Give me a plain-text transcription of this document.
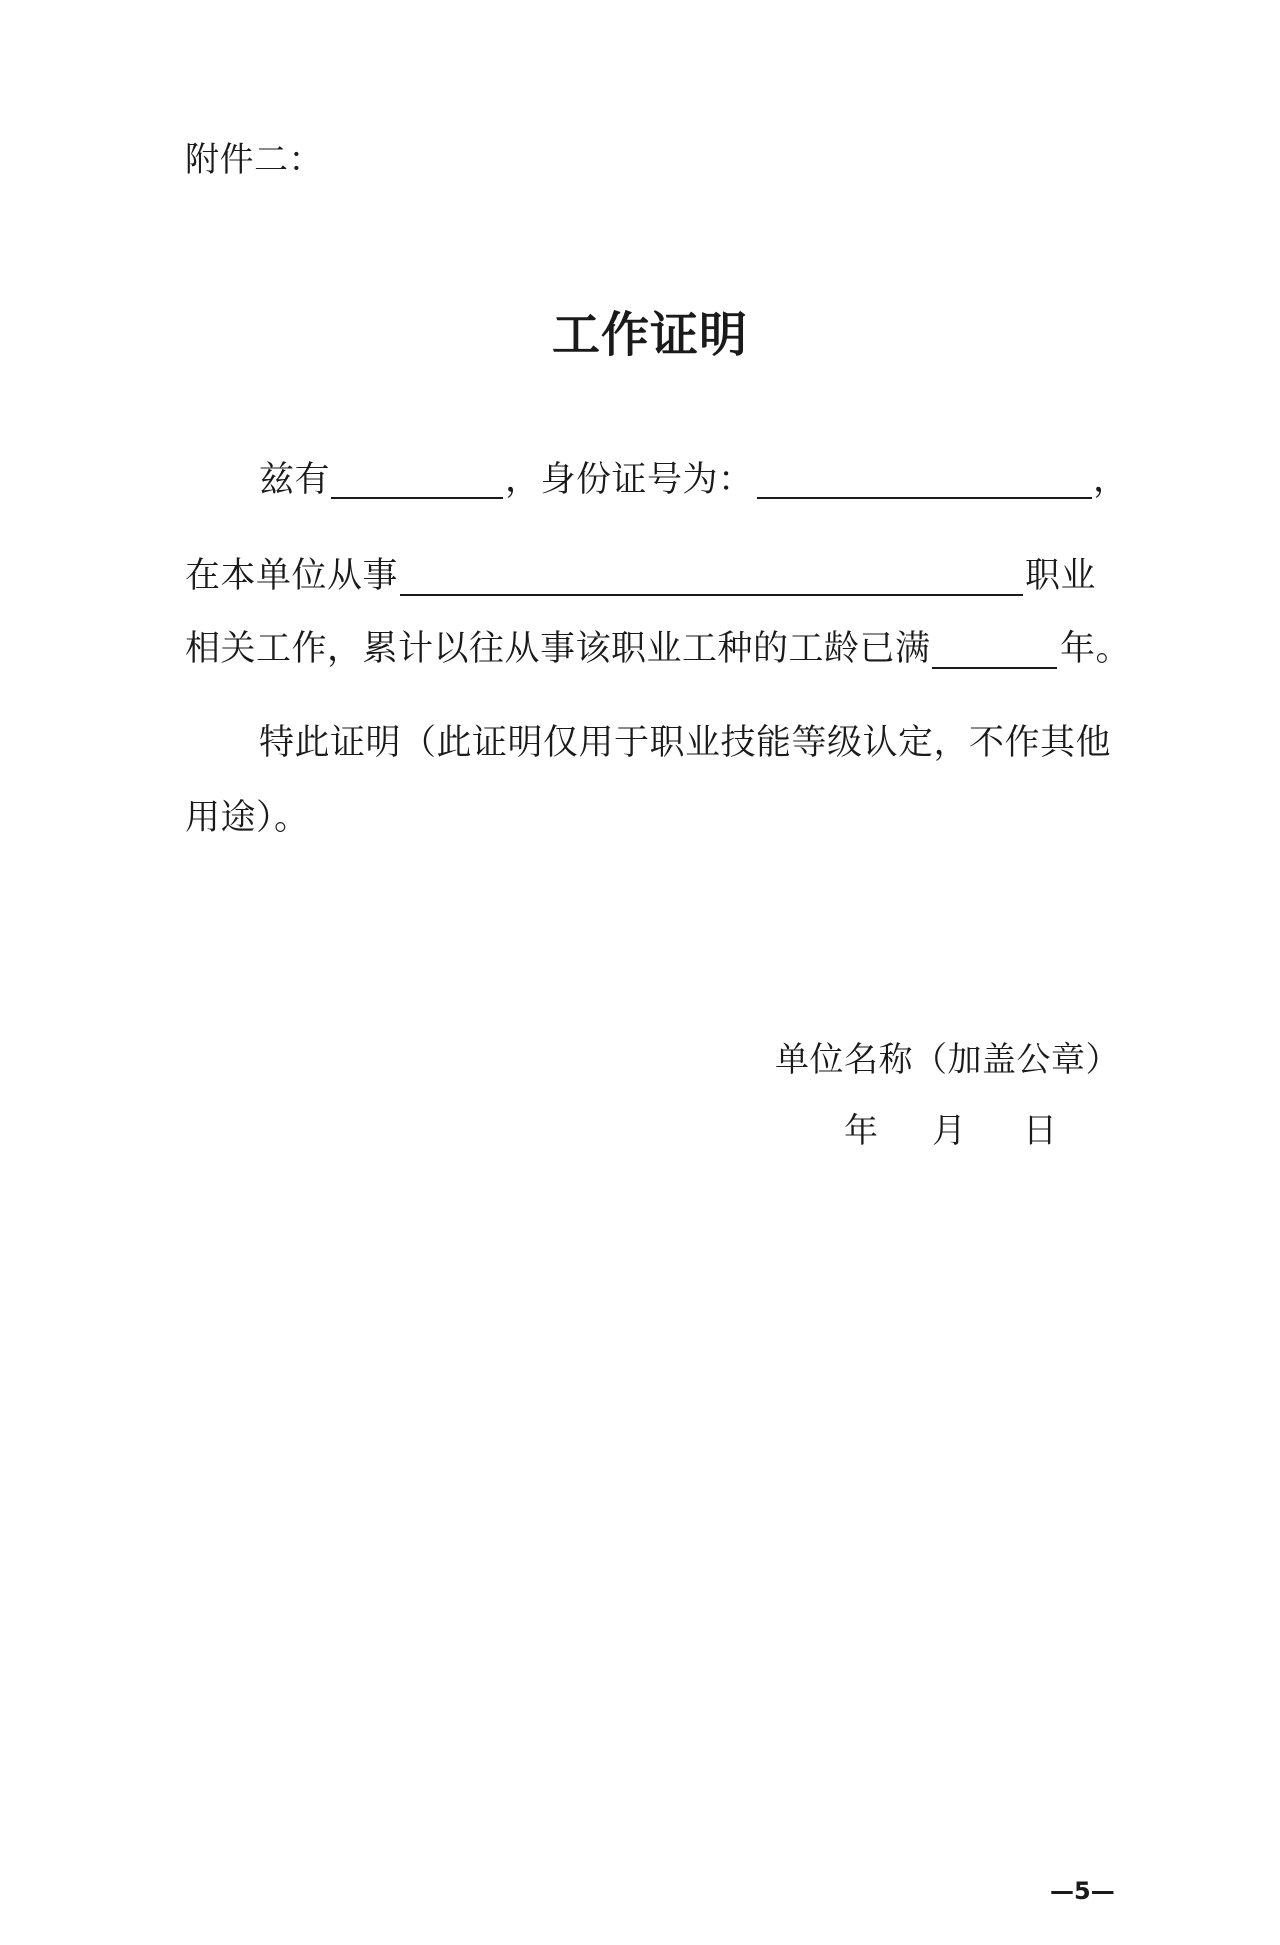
附件二：
工作证明
兹有	，身份证号为：	，
在本单位从事	职业
相关工作，累计以往从事该职业工种的工龄已满	年。
特此证明（此证明仅用于职业技能等级认定，不作其他
用途）。
单位名称（加盖公章）
年 月 日
—5—
